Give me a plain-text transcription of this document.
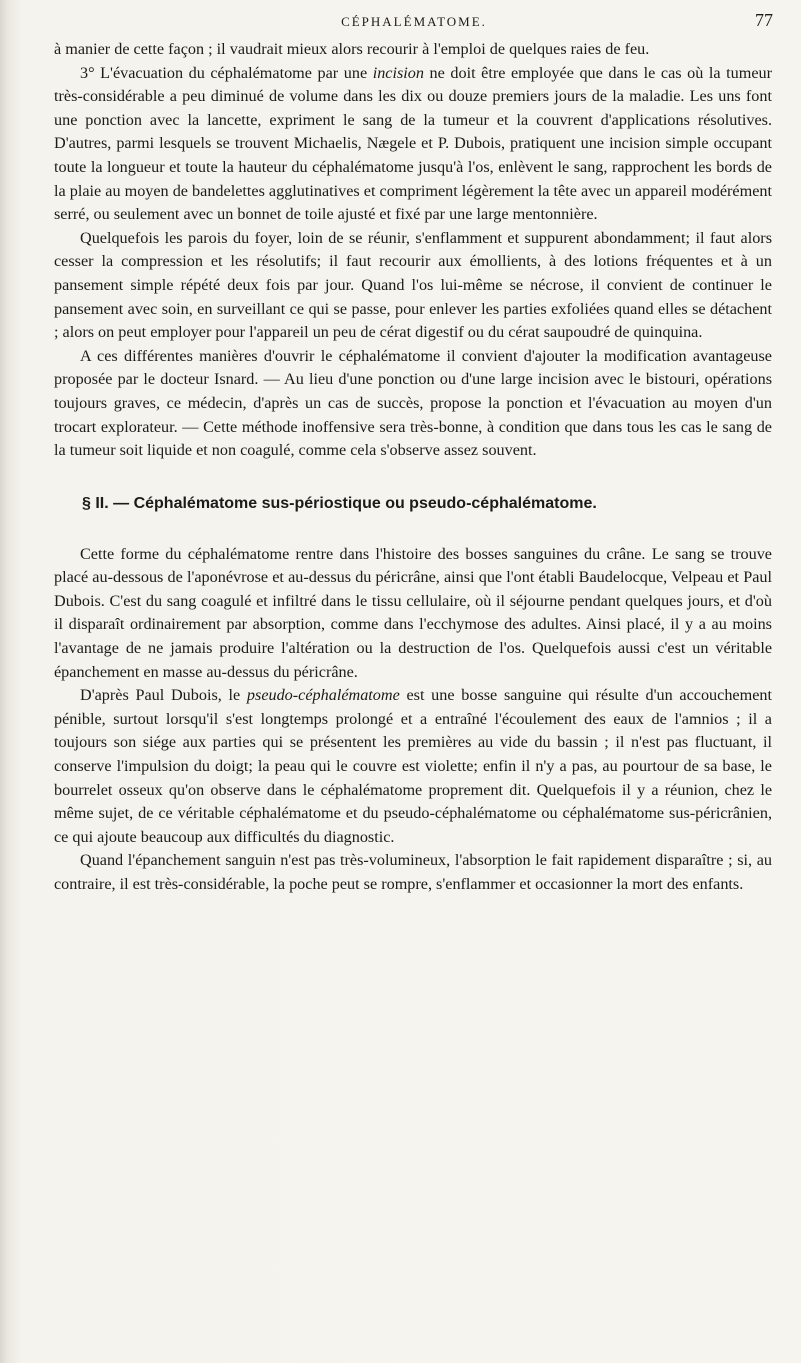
CÉPHALÉMATOME.	77

à manier de cette façon ; il vaudrait mieux alors recourir à l'emploi de quelques raies de feu.

3° L'évacuation du céphalématome par une incision ne doit être employée que dans le cas où la tumeur très-considérable a peu diminué de volume dans les dix ou douze premiers jours de la maladie. Les uns font une ponction avec la lancette, expriment le sang de la tumeur et la couvrent d'applications résolutives. D'autres, parmi lesquels se trouvent Michaelis, Nægele et P. Dubois, pratiquent une incision simple occupant toute la longueur et toute la hauteur du céphalématome jusqu'à l'os, enlèvent le sang, rapprochent les bords de la plaie au moyen de bandelettes agglutinatives et compriment légèrement la tête avec un appareil modérément serré, ou seulement avec un bonnet de toile ajusté et fixé par une large mentonnière.

Quelquefois les parois du foyer, loin de se réunir, s'enflamment et suppurent abondamment; il faut alors cesser la compression et les résolutifs; il faut recourir aux émollients, à des lotions fréquentes et à un pansement simple répété deux fois par jour. Quand l'os lui-même se nécrose, il convient de continuer le pansement avec soin, en surveillant ce qui se passe, pour enlever les parties exfoliées quand elles se détachent ; alors on peut employer pour l'appareil un peu de cérat digestif ou du cérat saupoudré de quinquina.

A ces différentes manières d'ouvrir le céphalématome il convient d'ajouter la modification avantageuse proposée par le docteur Isnard. — Au lieu d'une ponction ou d'une large incision avec le bistouri, opérations toujours graves, ce médecin, d'après un cas de succès, propose la ponction et l'évacuation au moyen d'un trocart explorateur. — Cette méthode inoffensive sera très-bonne, à condition que dans tous les cas le sang de la tumeur soit liquide et non coagulé, comme cela s'observe assez souvent.

§ II. — Céphalématome sus-périostique ou pseudo-céphalématome.

Cette forme du céphalématome rentre dans l'histoire des bosses sanguines du crâne. Le sang se trouve placé au-dessous de l'aponévrose et au-dessus du péricrâne, ainsi que l'ont établi Baudelocque, Velpeau et Paul Dubois. C'est du sang coagulé et infiltré dans le tissu cellulaire, où il séjourne pendant quelques jours, et d'où il disparaît ordinairement par absorption, comme dans l'ecchymose des adultes. Ainsi placé, il y a au moins l'avantage de ne jamais produire l'altération ou la destruction de l'os. Quelquefois aussi c'est un véritable épanchement en masse au-dessus du péricrâne.

D'après Paul Dubois, le pseudo-céphalématome est une bosse sanguine qui résulte d'un accouchement pénible, surtout lorsqu'il s'est longtemps prolongé et a entraîné l'écoulement des eaux de l'amnios ; il a toujours son siége aux parties qui se présentent les premières au vide du bassin ; il n'est pas fluctuant, il conserve l'impulsion du doigt; la peau qui le couvre est violette; enfin il n'y a pas, au pourtour de sa base, le bourrelet osseux qu'on observe dans le céphalématome proprement dit. Quelquefois il y a réunion, chez le même sujet, de ce véritable céphalématome et du pseudo-céphalématome ou céphalématome sus-péricrânien, ce qui ajoute beaucoup aux difficultés du diagnostic.

Quand l'épanchement sanguin n'est pas très-volumineux, l'absorption le fait rapidement disparaître ; si, au contraire, il est très-considérable, la poche peut se rompre, s'enflammer et occasionner la mort des enfants.
